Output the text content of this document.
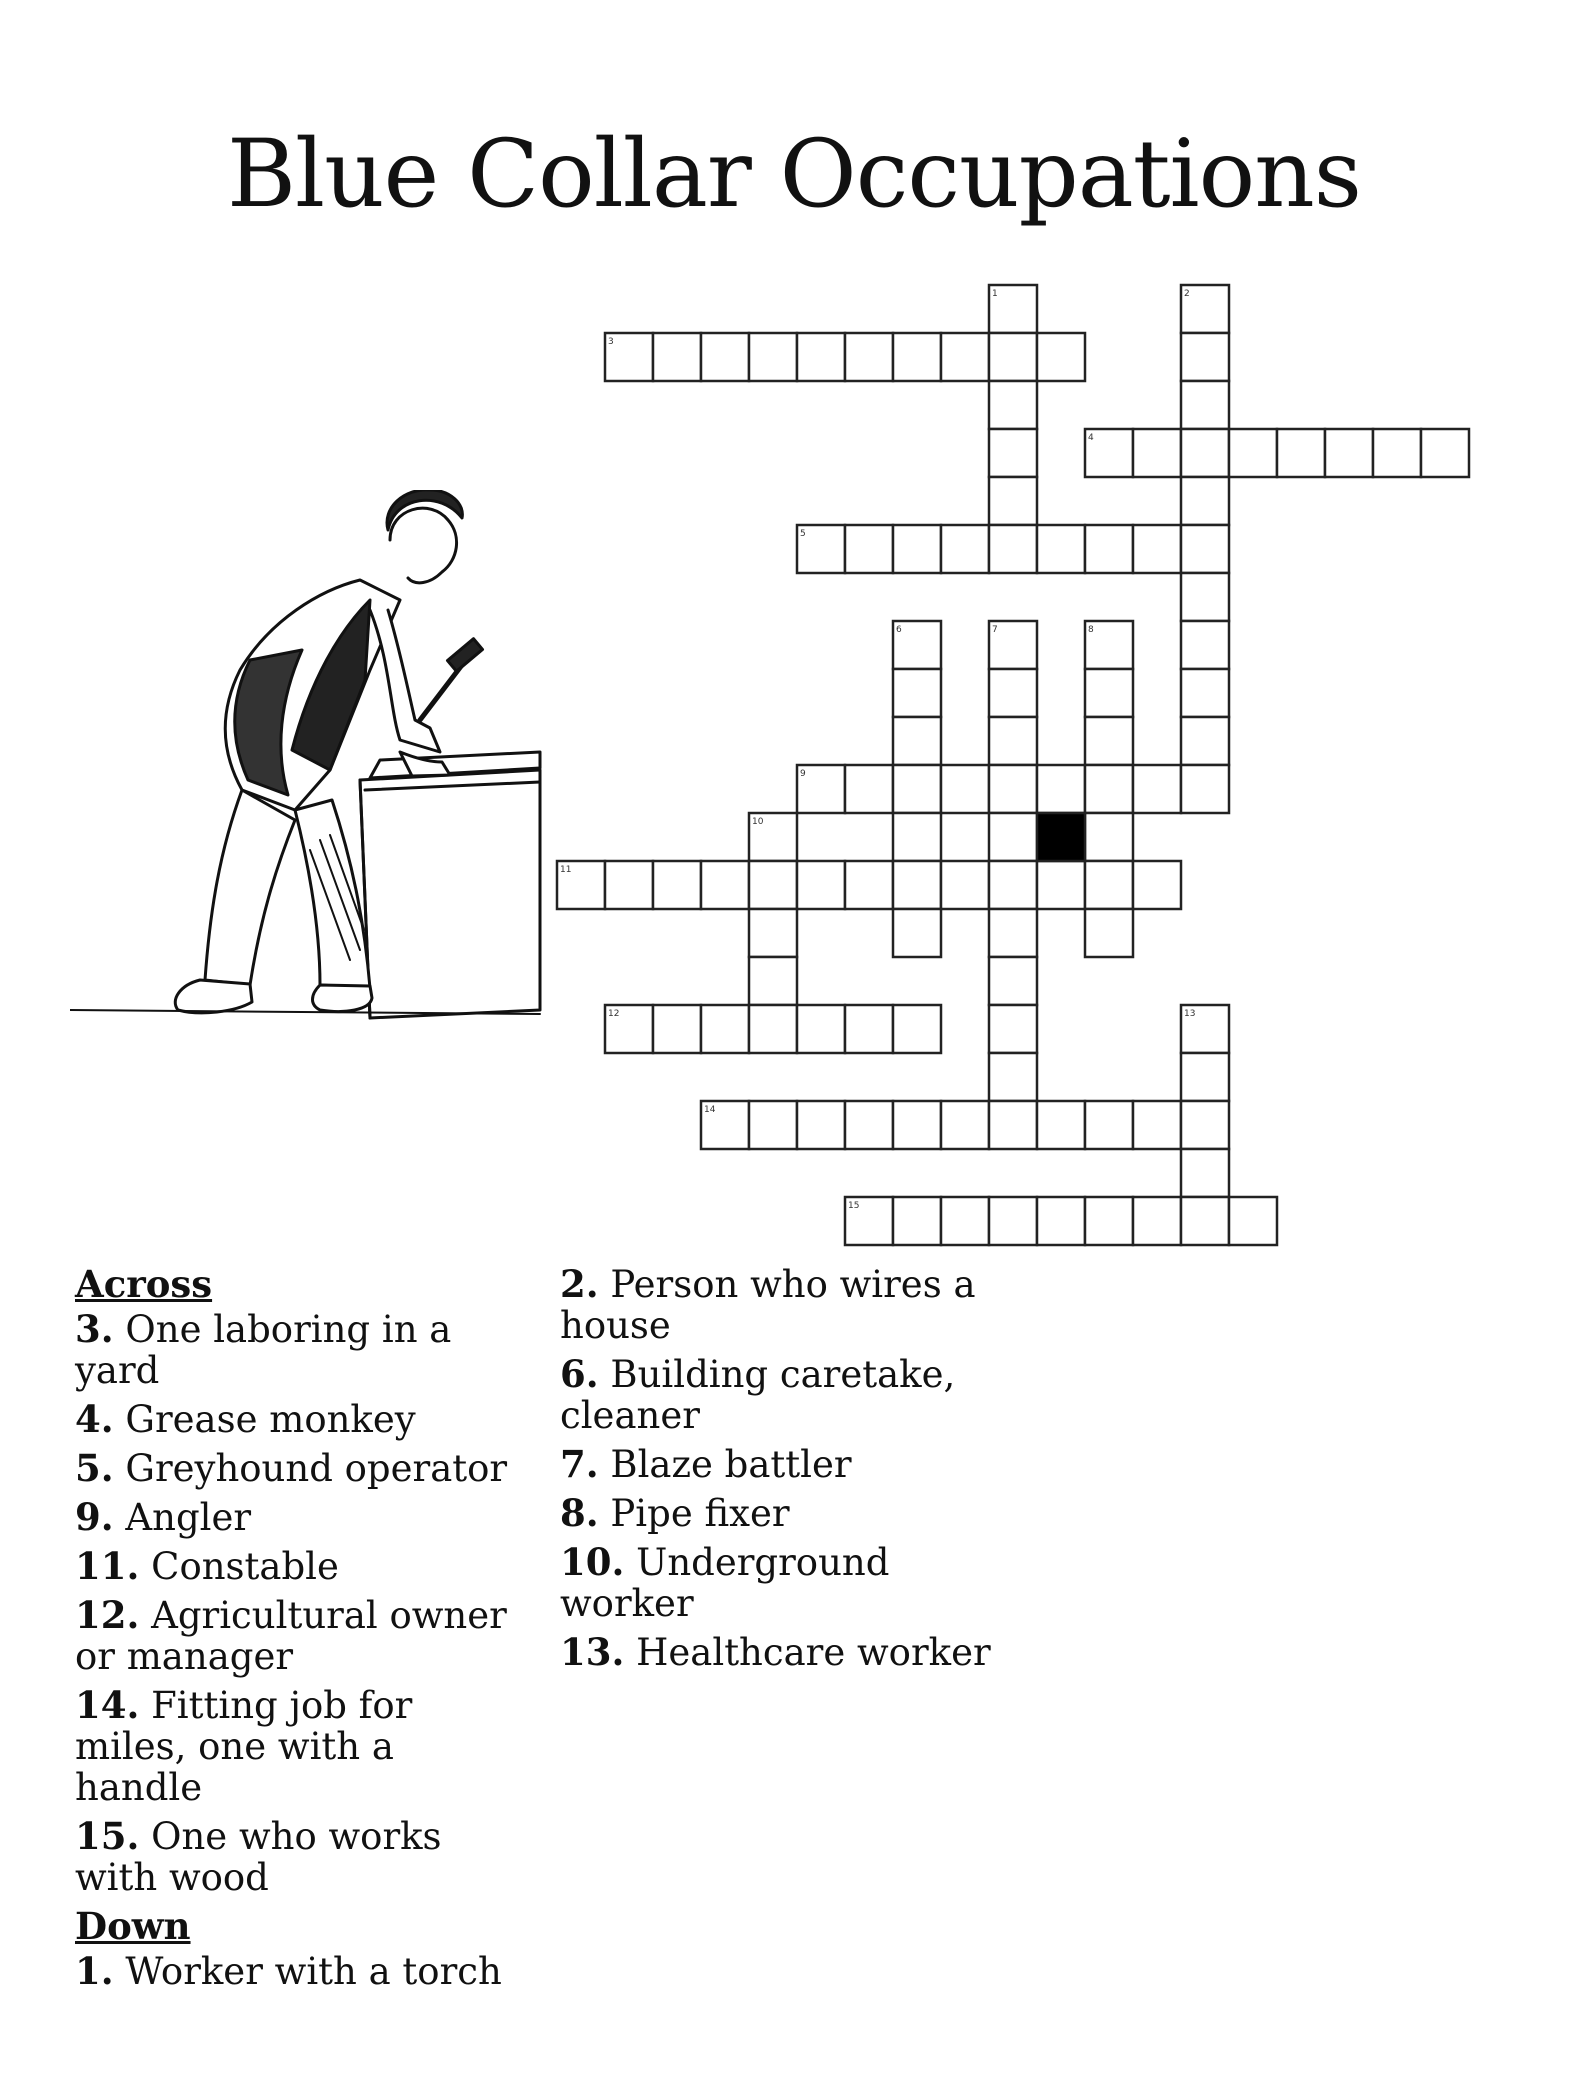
Blue Collar Occupations
1	2
3
4
5
6	7	8
9
10
11
12	13
14
15
Across
3. One laboring in a yard
4. Grease monkey
5. Greyhound operator
9. Angler
11. Constable
12. Agricultural owner or manager
14. Fitting job for miles, one with a handle
15. One who works with wood
Down
1. Worker with a torch
2. Person who wires a house
6. Building caretake, cleaner
7. Blaze battler
8. Pipe fixer
10. Underground worker
13. Healthcare worker
